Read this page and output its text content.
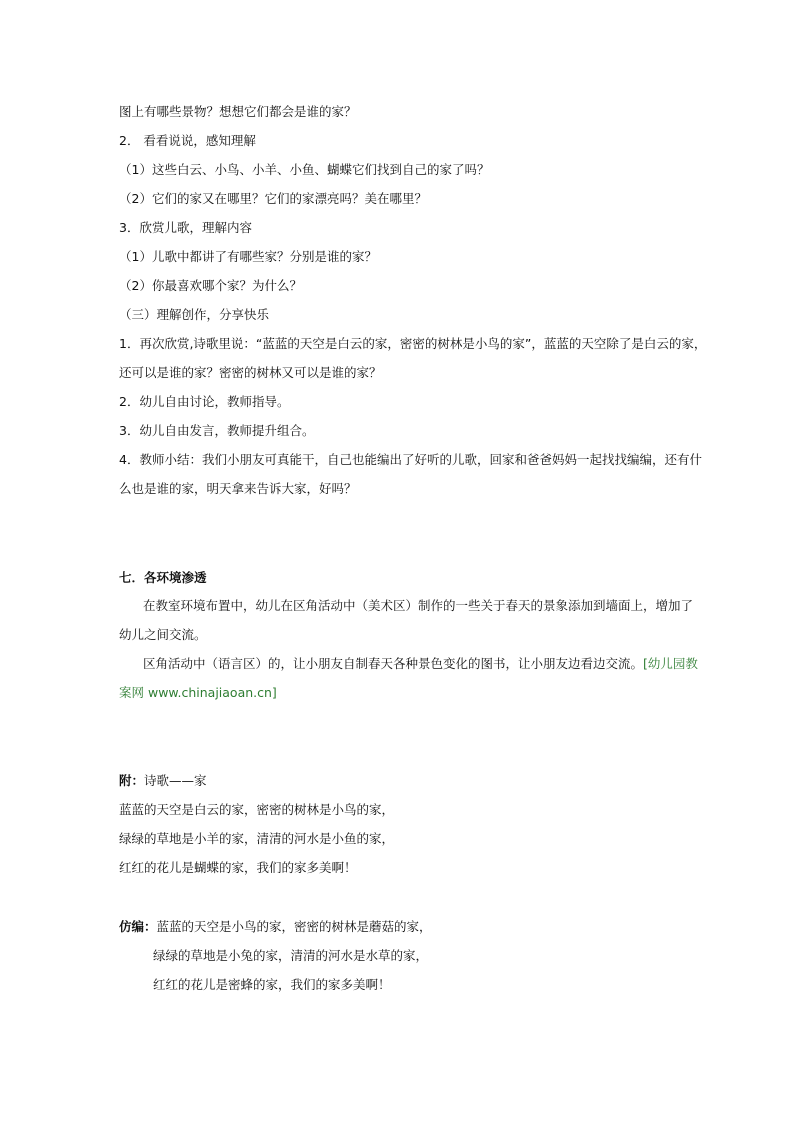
图上有哪些景物？想想它们都会是谁的家？
2． 看看说说，感知理解
（1）这些白云、小鸟、小羊、小鱼、蝴蝶它们找到自己的家了吗？
（2）它们的家又在哪里？它们的家漂亮吗？美在哪里？
3．欣赏儿歌，理解内容
（1）儿歌中都讲了有哪些家？分别是谁的家？
（2）你最喜欢哪个家？为什么？
（三）理解创作，分享快乐
1．再次欣赏,诗歌里说：“蓝蓝的天空是白云的家，密密的树林是小鸟的家”，蓝蓝的天空除了是白云的家，
还可以是谁的家？密密的树林又可以是谁的家？
2．幼儿自由讨论，教师指导。
3．幼儿自由发言，教师提升组合。
4．教师小结：我们小朋友可真能干，自己也能编出了好听的儿歌，回家和爸爸妈妈一起找找编编，还有什
么也是谁的家，明天拿来告诉大家，好吗？
七．各环境渗透
在教室环境布置中，幼儿在区角活动中（美术区）制作的一些关于春天的景象添加到墙面上，增加了
幼儿之间交流。
区角活动中（语言区）的，让小朋友自制春天各种景色变化的图书，让小朋友边看边交流。[幼儿园教
案网 www.chinajiaoan.cn]
附：诗歌——家
蓝蓝的天空是白云的家，密密的树林是小鸟的家，
绿绿的草地是小羊的家，清清的河水是小鱼的家，
红红的花儿是蝴蝶的家，我们的家多美啊！
仿编：蓝蓝的天空是小鸟的家，密密的树林是蘑菇的家，
绿绿的草地是小兔的家，清清的河水是水草的家，
红红的花儿是密蜂的家，我们的家多美啊！
